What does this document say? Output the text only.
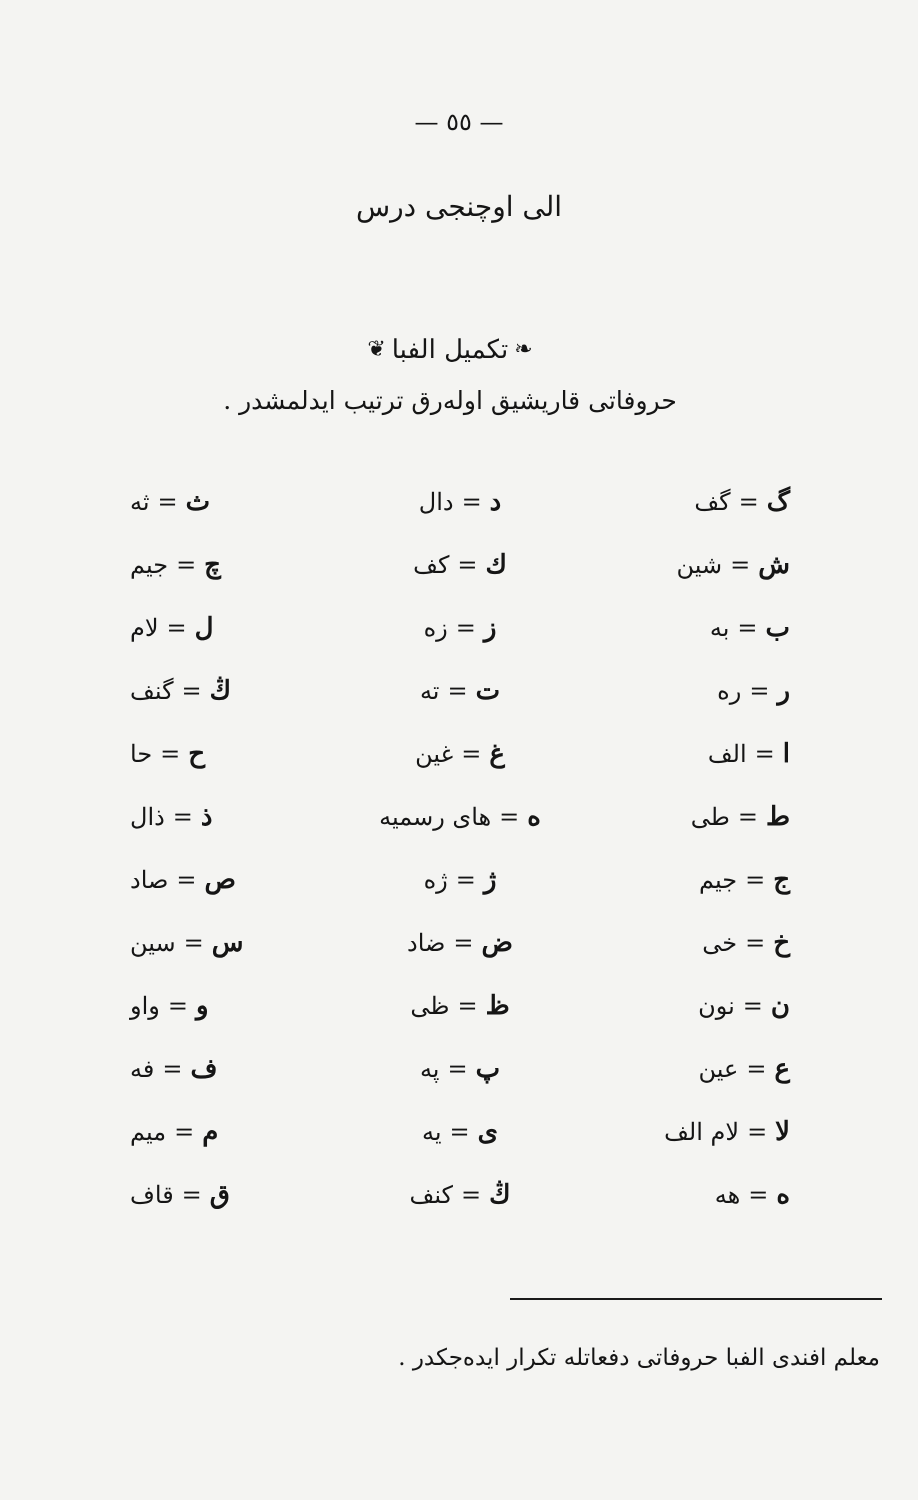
— ٥٥ —
الى اوچنجى درس
❧
تكميل الفبا
❦
حروفاتى قاريشيق اولەرق ترتيب ايدلمشدر .
گ
=
گف
ش
=
شين
ب
=
به
ر
=
ره
ا
=
الف
ط
=
طى
ج
=
جيم
خ
=
خى
ن
=
نون
ع
=
عين
لا
=
لام الف
ه
=
هه
د
=
دال
ك
=
كف
ز
=
زه
ت
=
ته
غ
=
غين
ه
=
هاى رسميه
ژ
=
ژه
ض
=
ضاد
ظ
=
ظى
پ
=
په
ى
=
يه
ڭ
=
كنف
ث
=
ثه
چ
=
جيم
ل
=
لام
ڭ
=
گنف
ح
=
حا
ذ
=
ذال
ص
=
صاد
س
=
سين
و
=
واو
ف
=
فه
م
=
ميم
ق
=
قاف
معلم افندى الفبا حروفاتى دفعاتله تكرار ايدەجكدر .
